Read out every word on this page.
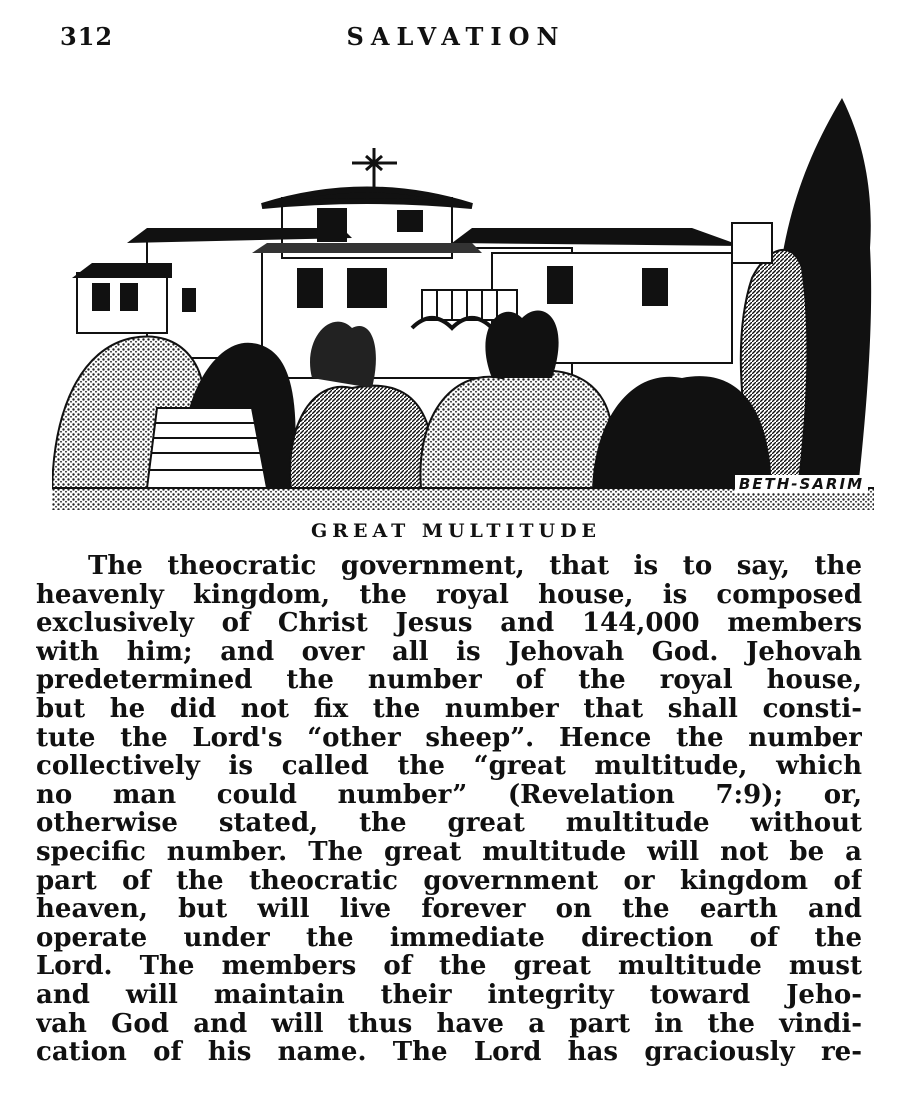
312	SALVATION
BETH-SARIM
GREAT MULTITUDE
The theocratic government, that is to say, the
heavenly kingdom, the royal house, is composed
exclusively of Christ Jesus and 144,000 members
with him; and over all is Jehovah God. Jehovah
predetermined the number of the royal house,
but he did not fix the number that shall consti-
tute the Lord's “other sheep”. Hence the number
collectively is called the “great multitude, which
no man could number” (Revelation 7:9); or,
otherwise stated, the great multitude without
specific number. The great multitude will not be a
part of the theocratic government or kingdom of
heaven, but will live forever on the earth and
operate under the immediate direction of the
Lord. The members of the great multitude must
and will maintain their integrity toward Jeho-
vah God and will thus have a part in the vindi-
cation of his name. The Lord has graciously re-
